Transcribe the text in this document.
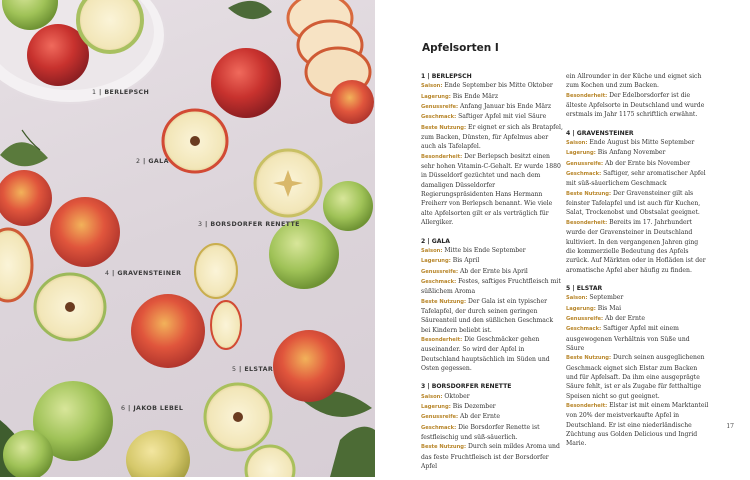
1 | BERLEPSCH
2 | GALA
3 | BORSDORFER RENETTE
4 | GRAVENSTEINER
5 | ELSTAR
6 | JAKOB LEBEL
Apfelsorten I
1 | BERLEPSCH
Saison: Ende September bis Mitte Oktober
Lagerung: Bis Ende März
Genussreife: Anfang Januar bis Ende März
Geschmack: Saftiger Apfel mit viel Säure
Beste Nutzung: Er eignet er sich als Bratapfel, zum Backen, Dünsten, für Apfelmus aber auch als Tafelapfel.
Besonderheit: Der Berlepsch besitzt einen sehr hohen Vitamin-C-Gehalt. Er wurde 1880 in Düsseldorf gezüchtet und nach dem damaligen Düsseldorfer Regierungspräsidenten Hans Hermann Freiherr von Berlepsch benannt. Wie viele alte Apfelsorten gilt er als verträglich für Allergiker.
2 | GALA
Saison: Mitte bis Ende September
Lagerung: Bis April
Genussreife: Ab der Ernte bis April
Geschmack: Festes, saftiges Fruchtfleisch mit süßlichem Aroma
Beste Nutzung: Der Gala ist ein typischer Tafelapfel, der durch seinen geringen Säureanteil und den süßlichen Geschmack bei Kindern beliebt ist.
Besonderheit: Die Geschmäcker gehen auseinander. So wird der Apfel in Deutschland hauptsächlich im Süden und Osten gegessen.
3 | BORSDORFER RENETTE
Saison: Oktober
Lagerung: Bis Dezember
Genussreife: Ab der Ernte
Geschmack: Die Borsdorfer Renette ist festfleischig und süß-säuerlich.
Beste Nutzung: Durch sein mildes Aroma und das feste Fruchtfleisch ist der Borsdorfer Apfel
ein Allrounder in der Küche und eignet sich zum Kochen und zum Backen.
Besonderheit: Der Edelborsdorfer ist die älteste Apfelsorte in Deutschland und wurde erstmals im Jahr 1175 schriftlich erwähnt.
4 | GRAVENSTEINER
Saison: Ende August bis Mitte September
Lagerung: Bis Anfang November
Genussreife: Ab der Ernte bis November
Geschmack: Saftiger, sehr aromatischer Apfel mit süß-säuerlichem Geschmack
Beste Nutzung: Der Gravensteiner gilt als feinster Tafelapfel und ist auch für Kuchen, Salat, Trockenobst und Obstsalat geeignet.
Besonderheit: Bereits im 17. Jahrhundert wurde der Gravensteiner in Deutschland kultiviert. In den vergangenen Jahren ging die kommerzielle Bedeutung des Apfels zurück. Auf Märkten oder in Hofläden ist der aromatische Apfel aber häufig zu finden.
5 | ELSTAR
Saison: September
Lagerung: Bis Mai
Genussreife: Ab der Ernte
Geschmack: Saftiger Apfel mit einem ausgewogenen Verhältnis von Süße und Säure
Beste Nutzung: Durch seinen ausgeglichenen Geschmack eignet sich Elstar zum Backen und für Apfelsaft. Da ihm eine ausgeprägte Säure fehlt, ist er als Zugabe für fetthaltige Speisen nicht so gut geeignet.
Besonderheit: Elstar ist mit einem Marktanteil von 20% der meistverkaufte Apfel in Deutschland. Er ist eine niederländische Züchtung aus Golden Delicious und Ingrid Marie.
17
